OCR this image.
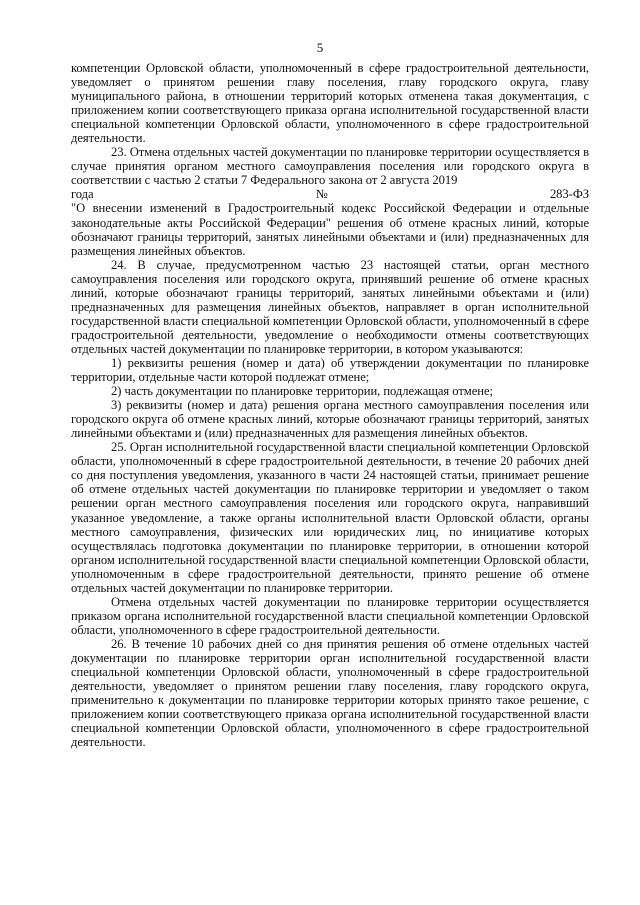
5

компетенции Орловской области, уполномоченный в сфере градостроительной деятельности, уведомляет о принятом решении главу поселения, главу городского округа, главу муниципального района, в отношении территорий которых отменена такая документация, с приложением копии соответствующего приказа органа исполнительной государственной власти специальной компетенции Орловской области, уполномоченного в сфере градостроительной деятельности.

23. Отмена отдельных частей документации по планировке территории осуществляется в случае принятия органом местного самоуправления поселения или городского округа в соответствии с частью 2 статьи 7 Федерального закона от 2 августа 2019

года	№	283-ФЗ

"О внесении изменений в Градостроительный кодекс Российской Федерации и отдельные законодательные акты Российской Федерации" решения об отмене красных линий, которые обозначают границы территорий, занятых линейными объектами и (или) предназначенных для размещения линейных объектов.

24. В случае, предусмотренном частью 23 настоящей статьи, орган местного самоуправления поселения или городского округа, принявший решение об отмене красных линий, которые обозначают границы территорий, занятых линейными объектами и (или) предназначенных для размещения линейных объектов, направляет в орган исполнительной государственной власти специальной компетенции Орловской области, уполномоченный в сфере градостроительной деятельности, уведомление о необходимости отмены соответствующих отдельных частей документации по планировке территории, в котором указываются:

1) реквизиты решения (номер и дата) об утверждении документации по планировке территории, отдельные части которой подлежат отмене;

2) часть документации по планировке территории, подлежащая отмене;

3) реквизиты (номер и дата) решения органа местного самоуправления поселения или городского округа об отмене красных линий, которые обозначают границы территорий, занятых линейными объектами и (или) предназначенных для размещения линейных объектов.

25. Орган исполнительной государственной власти специальной компетенции Орловской области, уполномоченный в сфере градостроительной деятельности, в течение 20 рабочих дней со дня поступления уведомления, указанного в части 24 настоящей статьи, принимает решение об отмене отдельных частей документации по планировке территории и уведомляет о таком решении орган местного самоуправления поселения или городского округа, направивший указанное уведомление, а также органы исполнительной власти Орловской области, органы местного самоуправления, физических или юридических лиц, по инициативе которых осуществлялась подготовка документации по планировке территории, в отношении которой органом исполнительной государственной власти специальной компетенции Орловской области, уполномоченным в сфере градостроительной деятельности, принято решение об отмене отдельных частей документации по планировке территории.

Отмена отдельных частей документации по планировке территории осуществляется приказом органа исполнительной государственной власти специальной компетенции Орловской области, уполномоченного в сфере градостроительной деятельности.

26. В течение 10 рабочих дней со дня принятия решения об отмене отдельных частей документации по планировке территории орган исполнительной государственной власти специальной компетенции Орловской области, уполномоченный в сфере градостроительной деятельности, уведомляет о принятом решении главу поселения, главу городского округа, применительно к документации по планировке территории которых принято такое решение, с приложением копии соответствующего приказа органа исполнительной государственной власти специальной компетенции Орловской области, уполномоченного в сфере градостроительной деятельности.
